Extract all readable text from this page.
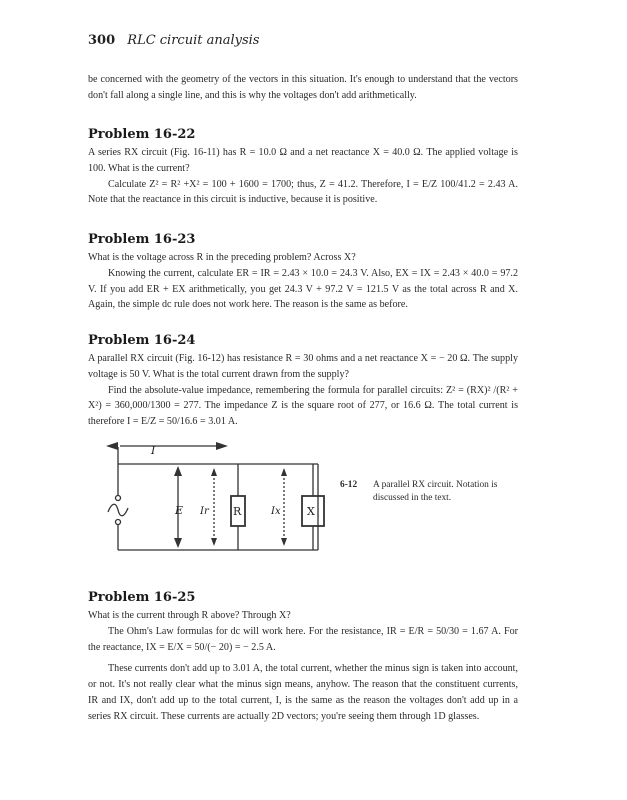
300 RLC circuit analysis

be concerned with the geometry of the vectors in this situation. It's enough to understand that the vectors don't fall along a single line, and this is why the voltages don't add arithmetically.

Problem 16-22

A series RX circuit (Fig. 16-11) has R = 10.0 Ω and a net reactance X = 40.0 Ω. The applied voltage is 100. What is the current?

Calculate Z² = R² +X² = 100 + 1600 = 1700; thus, Z = 41.2. Therefore, I = E/Z 100/41.2 = 2.43 A. Note that the reactance in this circuit is inductive, because it is positive.

Problem 16-23

What is the voltage across R in the preceding problem? Across X?

Knowing the current, calculate ER = IR = 2.43 × 10.0 = 24.3 V. Also, EX = IX = 2.43 × 40.0 = 97.2 V. If you add ER + EX arithmetically, you get 24.3 V + 97.2 V = 121.5 V as the total across R and X. Again, the simple dc rule does not work here. The reason is the same as before.

Problem 16-24

A parallel RX circuit (Fig. 16-12) has resistance R = 30 ohms and a net reactance X = − 20 Ω. The supply voltage is 50 V. What is the total current drawn from the supply?

Find the absolute-value impedance, remembering the formula for parallel circuits: Z² = (RX)² /(R² + X²) = 360,000/1300 = 277. The impedance Z is the square root of 277, or 16.6 Ω. The total current is therefore I = E/Z = 50/16.6 = 3.01 A.

I
E Ir R	Ix X
6-12	A parallel RX circuit. Notation is discussed in the text.
Problem 16-25

What is the current through R above? Through X?

The Ohm's Law formulas for dc will work here. For the resistance, IR = E/R = 50/30 = 1.67 A. For the reactance, IX = E/X = 50/(− 20) = − 2.5 A.

These currents don't add up to 3.01 A, the total current, whether the minus sign is taken into account, or not. It's not really clear what the minus sign means, anyhow. The reason that the constituent currents, IR and IX, don't add up to the total current, I, is the same as the reason the voltages don't add up in a series RX circuit. These currents are actually 2D vectors; you're seeing them through 1D glasses.
